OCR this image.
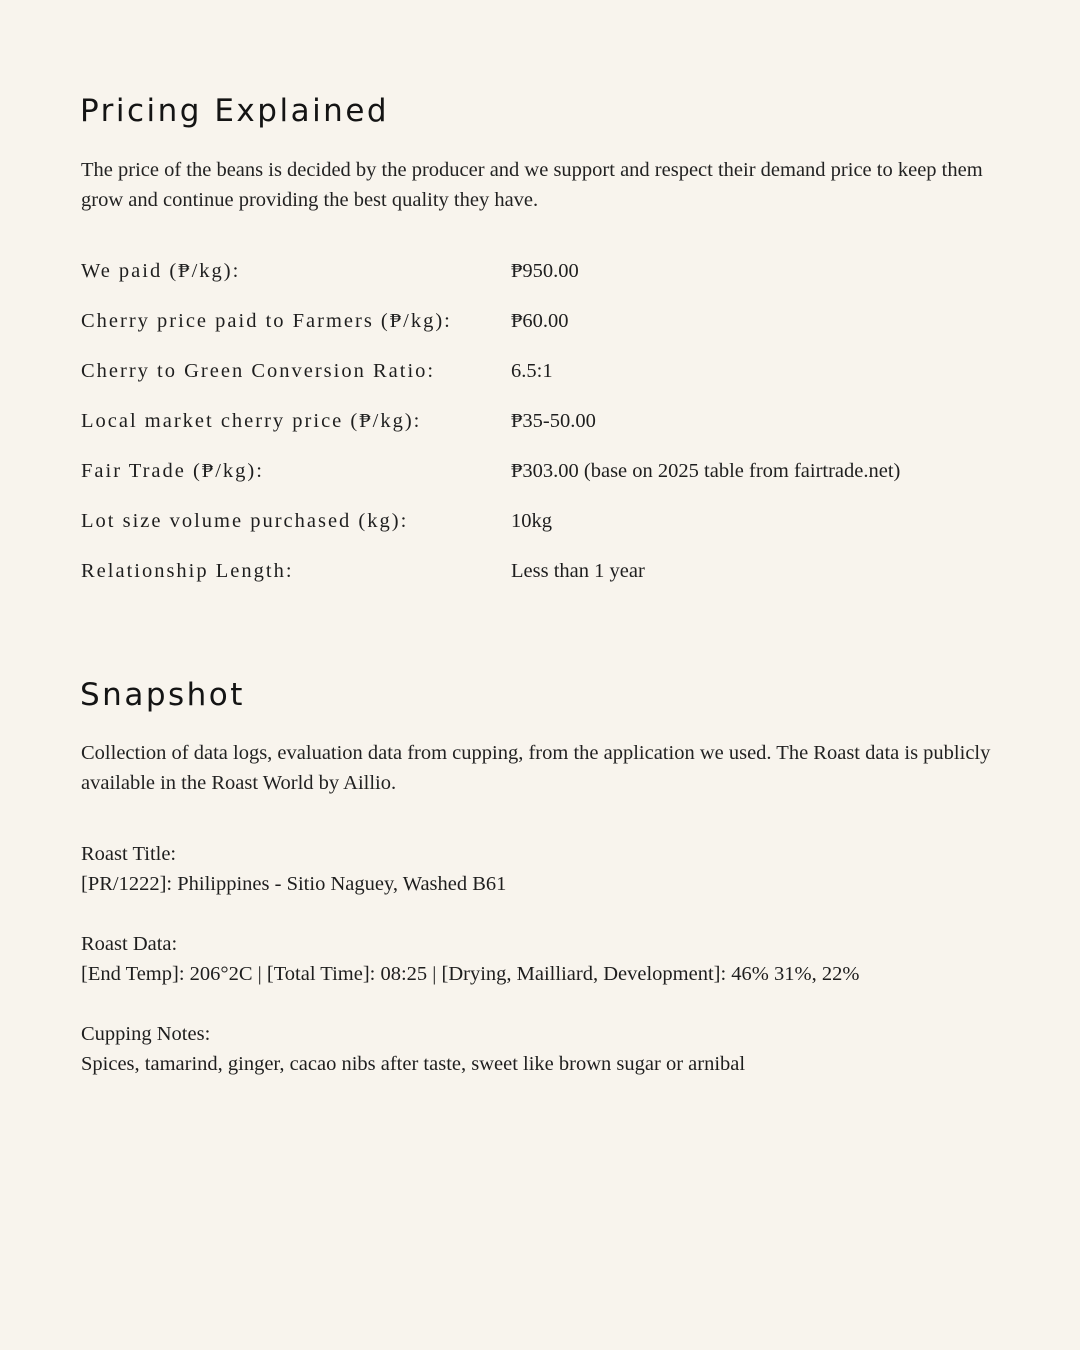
Pricing Explained

The price of the beans is decided by the producer and we support and respect their demand price to keep them grow and continue providing the best quality they have.

We paid (₱/kg):	₱950.00
Cherry price paid to Farmers (₱/kg):	₱60.00
Cherry to Green Conversion Ratio:	6.5:1
Local market cherry price (₱/kg):	₱35-50.00
Fair Trade (₱/kg):	₱303.00 (base on 2025 table from fairtrade.net)
Lot size volume purchased (kg):	10kg
Relationship Length:	Less than 1 year
Snapshot

Collection of data logs, evaluation data from cupping, from the application we used. The Roast data is publicly available in the Roast World by Aillio.

Roast Title:
[PR/1222]: Philippines - Sitio Naguey, Washed B61
Roast Data:
[End Temp]: 206°2C | [Total Time]: 08:25 | [Drying, Mailliard, Development]: 46% 31%, 22%
Cupping Notes:
Spices, tamarind, ginger, cacao nibs after taste, sweet like brown sugar or arnibal
